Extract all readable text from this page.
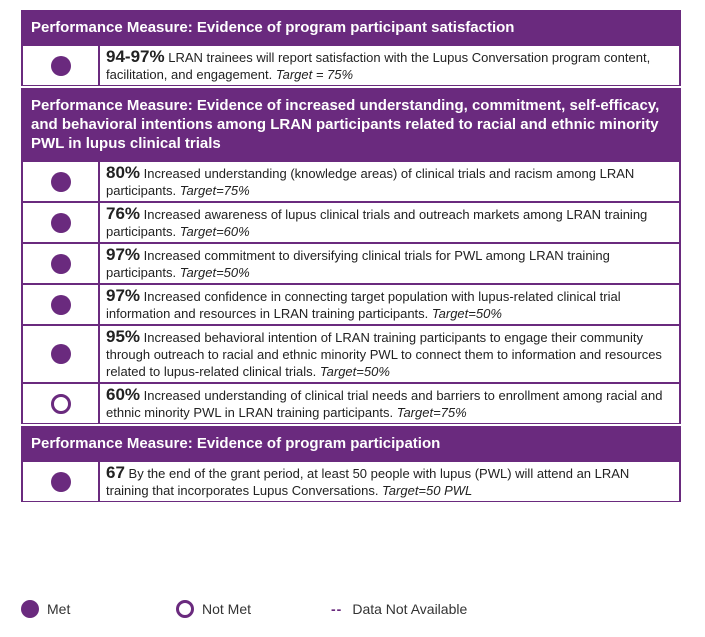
Performance Measure: Evidence of program participant satisfaction
94-97% LRAN trainees will report satisfaction with the Lupus Conversation program content, facilitation, and engagement. Target = 75%
Performance Measure: Evidence of increased understanding, commitment, self-efficacy, and behavioral intentions among LRAN participants related to racial and ethnic minority PWL in lupus clinical trials
80% Increased understanding (knowledge areas) of clinical trials and racism among LRAN participants. Target=75%
76% Increased awareness of lupus clinical trials and outreach markets among LRAN training participants. Target=60%
97% Increased commitment to diversifying clinical trials for PWL among LRAN training participants. Target=50%
97% Increased confidence in connecting target population with lupus-related clinical trial information and resources in LRAN training participants. Target=50%
95% Increased behavioral intention of LRAN training participants to engage their community through outreach to racial and ethnic minority PWL to connect them to information and resources related to lupus-related clinical trials. Target=50%
60% Increased understanding of clinical trial needs and barriers to enrollment among racial and ethnic minority PWL in LRAN training participants. Target=75%
Performance Measure: Evidence of program participation
67 By the end of the grant period, at least 50 people with lupus (PWL) will attend an LRAN training that incorporates Lupus Conversations. Target=50 PWL
Met	Not Met	-- Data Not Available
